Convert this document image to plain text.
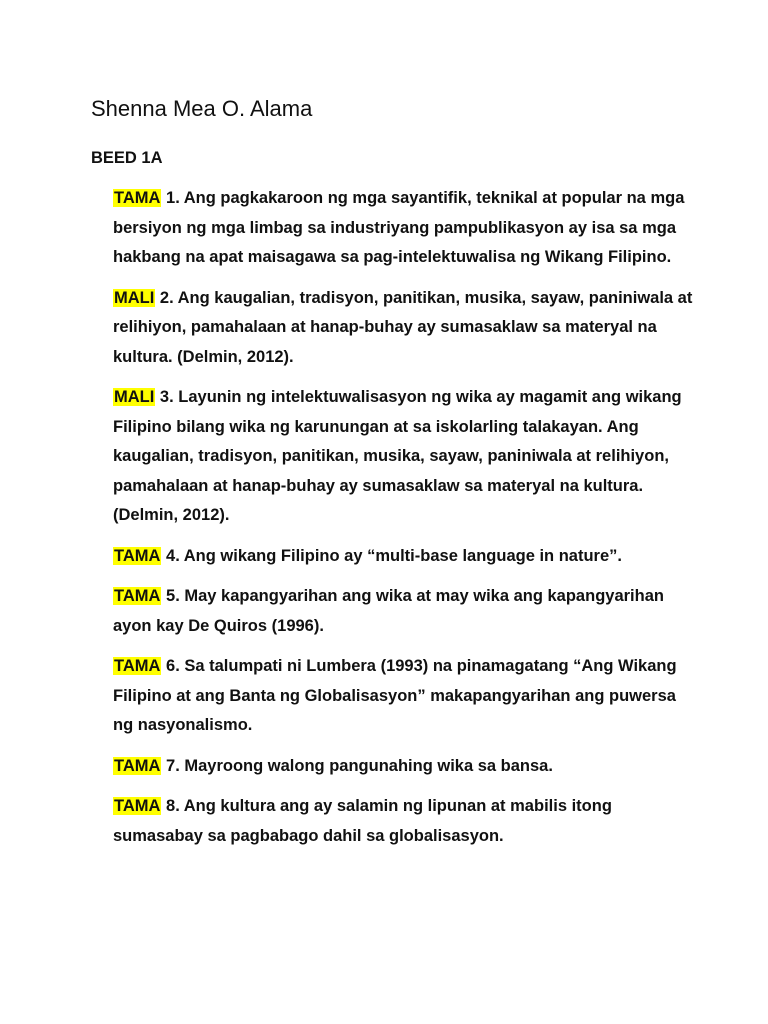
Shenna Mea O. Alama

BEED 1A

TAMA 1. Ang pagkakaroon ng mga sayantifik, teknikal at popular na mga bersiyon ng mga limbag sa industriyang pampublikasyon ay isa sa mga hakbang na apat maisagawa sa pag-intelektuwalisa ng Wikang Filipino.
MALI 2. Ang kaugalian, tradisyon, panitikan, musika, sayaw, paniniwala at relihiyon, pamahalaan at hanap-buhay ay sumasaklaw sa materyal na kultura. (Delmin, 2012).
MALI 3. Layunin ng intelektuwalisasyon ng wika ay magamit ang wikang Filipino bilang wika ng karunungan at sa iskolarling talakayan. Ang kaugalian, tradisyon, panitikan, musika, sayaw, paniniwala at relihiyon, pamahalaan at hanap-buhay ay sumasaklaw sa materyal na kultura. (Delmin, 2012).
TAMA 4. Ang wikang Filipino ay “multi-base language in nature”.
TAMA 5. May kapangyarihan ang wika at may wika ang kapangyarihan ayon kay De Quiros (1996).
TAMA 6. Sa talumpati ni Lumbera (1993) na pinamagatang “Ang Wikang Filipino at ang Banta ng Globalisasyon” makapangyarihan ang puwersa ng nasyonalismo.
TAMA 7. Mayroong walong pangunahing wika sa bansa.
TAMA 8. Ang kultura ang ay salamin ng lipunan at mabilis itong sumasabay sa pagbabago dahil sa globalisasyon.
